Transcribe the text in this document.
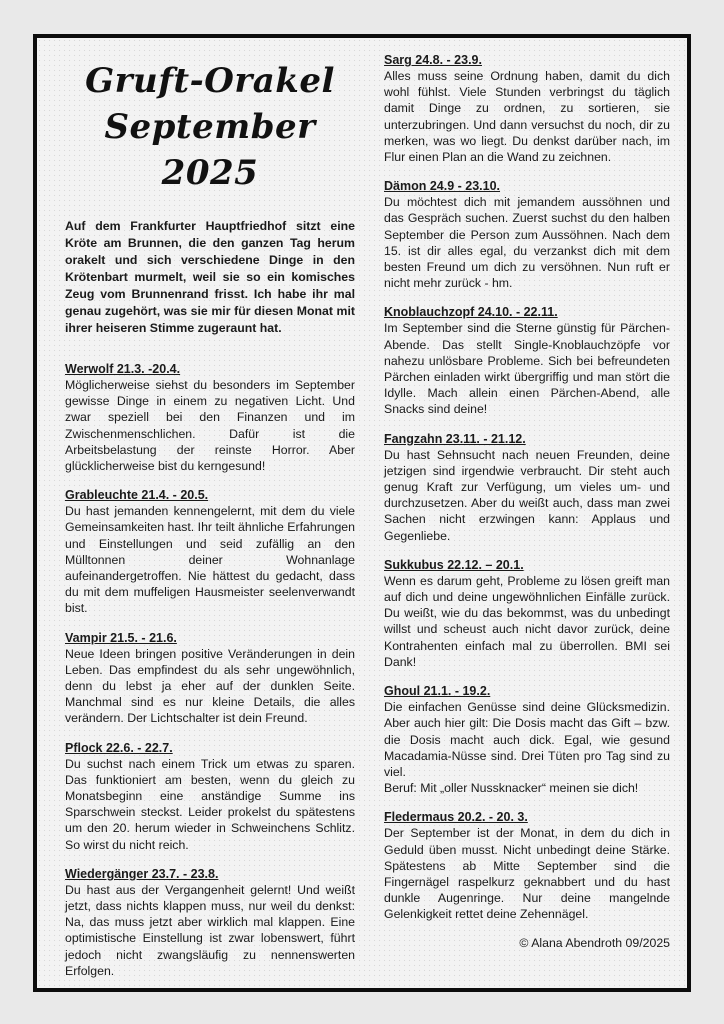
Gruft-Orakel
September 2025

Auf dem Frankfurter Hauptfriedhof sitzt eine Kröte am Brunnen, die den ganzen Tag herum orakelt und sich verschiedene Dinge in den Krötenbart murmelt, weil sie so ein komisches Zeug vom Brunnenrand frisst. Ich habe ihr mal genau zugehört, was sie mir für diesen Monat mit ihrer heiseren Stimme zugeraunt hat.

Werwolf 21.3. -20.4.

Möglicherweise siehst du besonders im September gewisse Dinge in einem zu negativen Licht. Und zwar speziell bei den Finanzen und im Zwischenmenschlichen. Dafür ist die Arbeitsbelastung der reinste Horror. Aber glücklicherweise bist du kerngesund!

Grableuchte 21.4. - 20.5.

Du hast jemanden kennengelernt, mit dem du viele Gemeinsamkeiten hast. Ihr teilt ähnliche Erfahrungen und Einstellungen und seid zufällig an den Mülltonnen deiner Wohnanlage aufeinandergetroffen. Nie hättest du gedacht, dass du mit dem muffeligen Hausmeister seelenverwandt bist.

Vampir 21.5. - 21.6.

Neue Ideen bringen positive Veränderungen in dein Leben. Das empfindest du als sehr ungewöhnlich, denn du lebst ja eher auf der dunklen Seite. Manchmal sind es nur kleine Details, die alles verändern. Der Lichtschalter ist dein Freund.

Pflock 22.6. - 22.7.

Du suchst nach einem Trick um etwas zu sparen. Das funktioniert am besten, wenn du gleich zu Monatsbeginn eine anständige Summe ins Sparschwein steckst. Leider prokelst du spätestens um den 20. herum wieder in Schweinchens Schlitz. So wirst du nicht reich.

Wiedergänger 23.7. - 23.8.

Du hast aus der Vergangenheit gelernt! Und weißt jetzt, dass nichts klappen muss, nur weil du denkst: Na, das muss jetzt aber wirklich mal klappen. Eine optimistische Einstellung ist zwar lobenswert, führt jedoch nicht zwangsläufig zu nennenswerten Erfolgen.

Sarg 24.8. - 23.9.

Alles muss seine Ordnung haben, damit du dich wohl fühlst. Viele Stunden verbringst du täglich damit Dinge zu ordnen, zu sortieren, sie unterzubringen. Und dann versuchst du noch, dir zu merken, was wo liegt. Du denkst darüber nach, im Flur einen Plan an die Wand zu zeichnen.

Dämon 24.9 - 23.10.

Du möchtest dich mit jemandem aussöhnen und das Gespräch suchen. Zuerst suchst du den halben September die Person zum Aussöhnen. Nach dem 15. ist dir alles egal, du verzankst dich mit dem besten Freund um dich zu versöhnen. Nun ruft er nicht mehr zurück - hm.

Knoblauchzopf 24.10. - 22.11.

Im September sind die Sterne günstig für Pärchen-Abende. Das stellt Single-Knoblauchzöpfe vor nahezu unlösbare Probleme. Sich bei befreundeten Pärchen einladen wirkt übergriffig und man stört die Idylle. Mach allein einen Pärchen-Abend, alle Snacks sind deine!

Fangzahn 23.11. - 21.12.

Du hast Sehnsucht nach neuen Freunden, deine jetzigen sind irgendwie verbraucht. Dir steht auch genug Kraft zur Verfügung, um vieles um- und durchzusetzen. Aber du weißt auch, dass man zwei Sachen nicht erzwingen kann: Applaus und Gegenliebe.

Sukkubus 22.12. – 20.1.

Wenn es darum geht, Probleme zu lösen greift man auf dich und deine ungewöhnlichen Einfälle zurück. Du weißt, wie du das bekommst, was du unbedingt willst und scheust auch nicht davor zurück, deine Kontrahenten einfach mal zu überrollen. BMI sei Dank!

Ghoul 21.1. - 19.2.

Die einfachen Genüsse sind deine Glücksmedizin. Aber auch hier gilt: Die Dosis macht das Gift – bzw. die Dosis macht auch dick. Egal, wie gesund Macadamia-Nüsse sind. Drei Tüten pro Tag sind zu viel.

Beruf: Mit „oller Nussknacker“ meinen sie dich!

Fledermaus 20.2. - 20. 3.

Der September ist der Monat, in dem du dich in Geduld üben musst. Nicht unbedingt deine Stärke. Spätestens ab Mitte September sind die Fingernägel raspelkurz geknabbert und du hast dunkle Augenringe. Nur deine mangelnde Gelenkigkeit rettet deine Zehennägel.

© Alana Abendroth 09/2025
